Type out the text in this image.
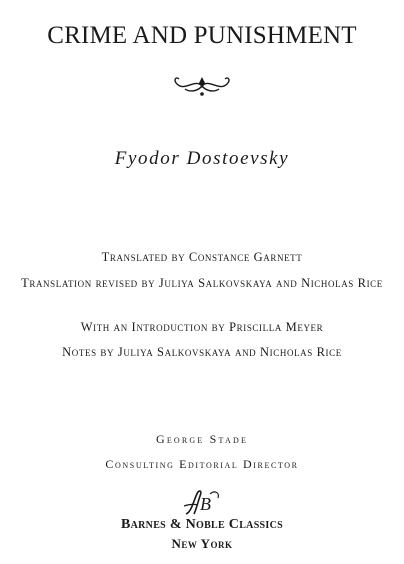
CRIME AND PUNISHMENT
Fyodor Dostoevsky
Translated by Constance Garnett
Translation revised by Juliya Salkovskaya and Nicholas Rice
With an Introduction by Priscilla Meyer
Notes by Juliya Salkovskaya and Nicholas Rice
George Stade
Consulting Editorial Director
B
Barnes & Noble Classics
New York
